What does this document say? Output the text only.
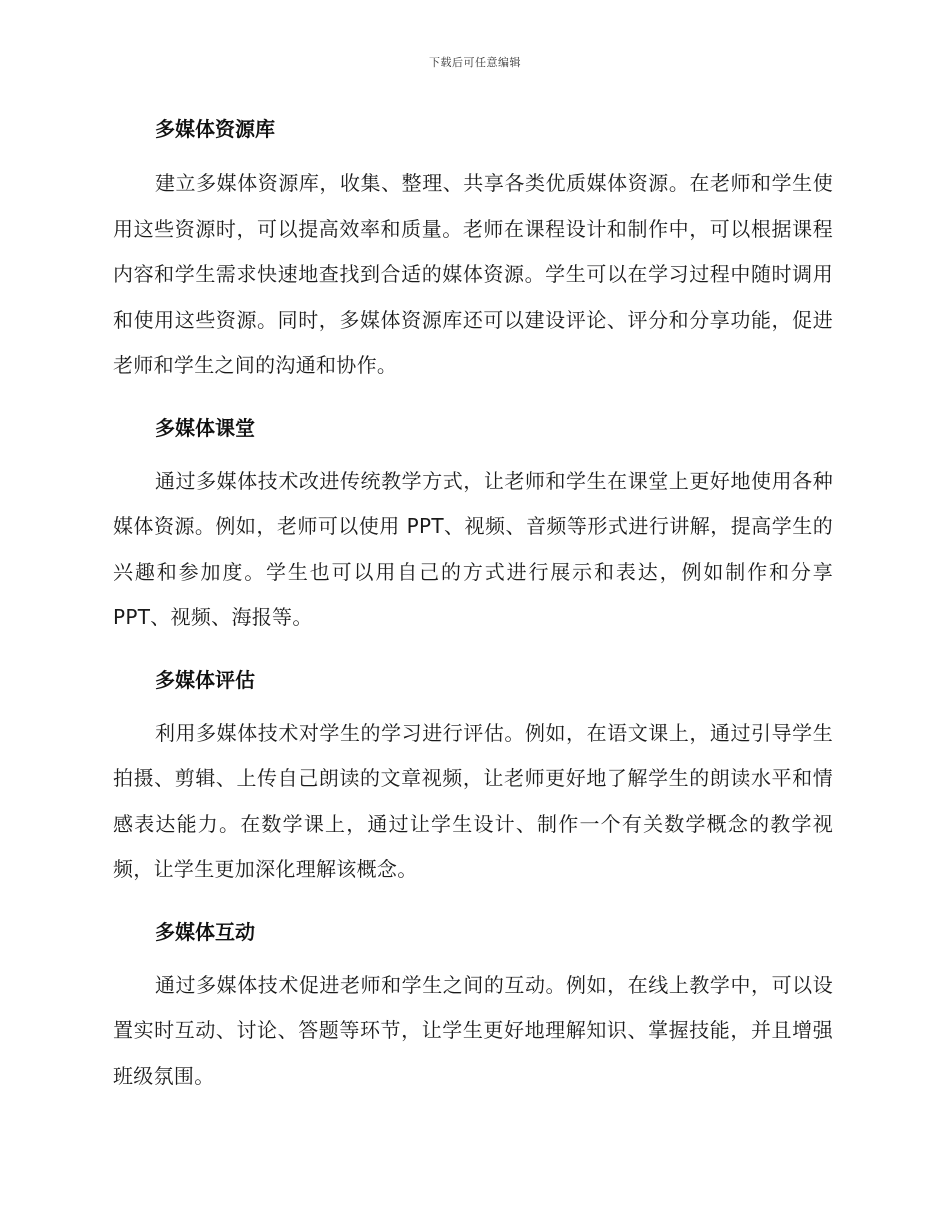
下载后可任意编辑
多媒体资源库

建立多媒体资源库，收集、整理、共享各类优质媒体资源。在老师和学生使用这些资源时，可以提高效率和质量。老师在课程设计和制作中，可以根据课程内容和学生需求快速地查找到合适的媒体资源。学生可以在学习过程中随时调用和使用这些资源。同时，多媒体资源库还可以建设评论、评分和分享功能，促进老师和学生之间的沟通和协作。

多媒体课堂

通过多媒体技术改进传统教学方式，让老师和学生在课堂上更好地使用各种媒体资源。例如，老师可以使用 PPT、视频、音频等形式进行讲解，提高学生的兴趣和参加度。学生也可以用自己的方式进行展示和表达，例如制作和分享 PPT、视频、海报等。

多媒体评估

利用多媒体技术对学生的学习进行评估。例如，在语文课上，通过引导学生拍摄、剪辑、上传自己朗读的文章视频，让老师更好地了解学生的朗读水平和情感表达能力。在数学课上，通过让学生设计、制作一个有关数学概念的教学视频，让学生更加深化理解该概念。

多媒体互动

通过多媒体技术促进老师和学生之间的互动。例如，在线上教学中，可以设置实时互动、讨论、答题等环节，让学生更好地理解知识、掌握技能，并且增强班级氛围。
